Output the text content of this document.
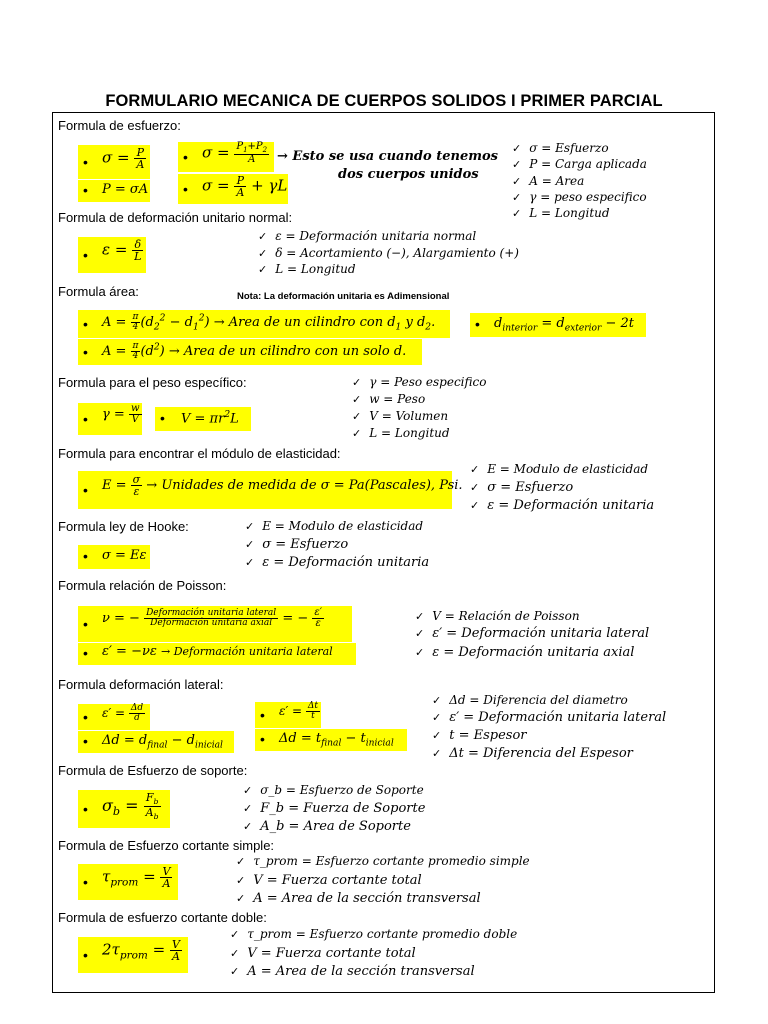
FORMULARIO MECANICA DE CUERPOS SOLIDOS I PRIMER PARCIAL
Formula de esfuerzo:
• $\sigma = \frac{P}{A}$
• P = σA
• $\sigma = \frac{P_1+P_2}{A}$ → Esto se usa cuando tenemos
dos cuerpos unidos
• $\sigma = \frac{P}{A} + \gamma L$
✓ σ = Esfuerzo
✓ P = Carga aplicada
✓ A = Area
✓ γ = peso especifico
✓ L = Longitud
Formula de deformación unitario normal:
• $\varepsilon = \frac{\delta}{L}$
✓ ε = Deformación unitaria normal
✓ δ = Acortamiento (−), Alargamiento (+)
✓ L = Longitud
Formula área:	Nota: La deformación unitaria es Adimensional
• $A = \frac{\pi}{4} (d_2^2 - d_1^2)$ → Area de un cilindro con $d_1$ y $d_2$.
• $A = \frac{\pi}{4} (d^2)$ → Area de un cilindro con un solo d.
• $d_{interior} = d_{exterior} - 2t$
Formula para el peso específico:
• $\gamma = \frac{w}{V}$ • $V = \pi r^2L$
✓ γ = Peso especifico
✓ w = Peso
✓ V = Volumen
✓ L = Longitud
Formula para encontrar el módulo de elasticidad:
• $E = \frac{\sigma}{\varepsilon}$ → Unidades de medida de σ = Pa(Pascales), Psi.
✓ E = Modulo de elasticidad
✓ σ = Esfuerzo
✓ ε = Deformación unitaria
Formula ley de Hooke:
• σ = Eε
✓ E = Modulo de elasticidad
✓ σ = Esfuerzo
✓ ε = Deformación unitaria
Formula relación de Poisson:
• ν = − $\frac{\text{Deformación unitaria lateral}}{\text{Deformación unitaria axial}}$ = − $\frac{\varepsilon'}{\varepsilon}$
• ε′ = −νε → Deformación unitaria lateral
✓ V = Relación de Poisson
✓ ε′ = Deformación unitaria lateral
✓ ε = Deformación unitaria axial
Formula deformación lateral:
• $\varepsilon' = \frac{\Delta d}{d}$
• $\Delta d = d_{final} - d_{inicial}$
• $\varepsilon' = \frac{\Delta t}{t}$
• $\Delta d = t_{final} - t_{inicial}$
✓ Δd = Diferencia del diametro
✓ ε′ = Deformación unitaria lateral
✓ t = Espesor
✓ Δt = Diferencia del Espesor
Formula de Esfuerzo de soporte:
• $\sigma_b = \frac{F_b}{A_b}$
✓ σ_b = Esfuerzo de Soporte
✓ F_b = Fuerza de Soporte
✓ A_b = Area de Soporte
Formula de Esfuerzo cortante simple:
• $\tau_{prom} = \frac{V}{A}$
✓ τ_prom = Esfuerzo cortante promedio simple
✓ V = Fuerza cortante total
✓ A = Area de la sección transversal
Formula de esfuerzo cortante doble:
• $2\tau_{prom} = \frac{V}{A}$
✓ τ_prom = Esfuerzo cortante promedio doble
✓ V = Fuerza cortante total
✓ A = Area de la sección transversal
